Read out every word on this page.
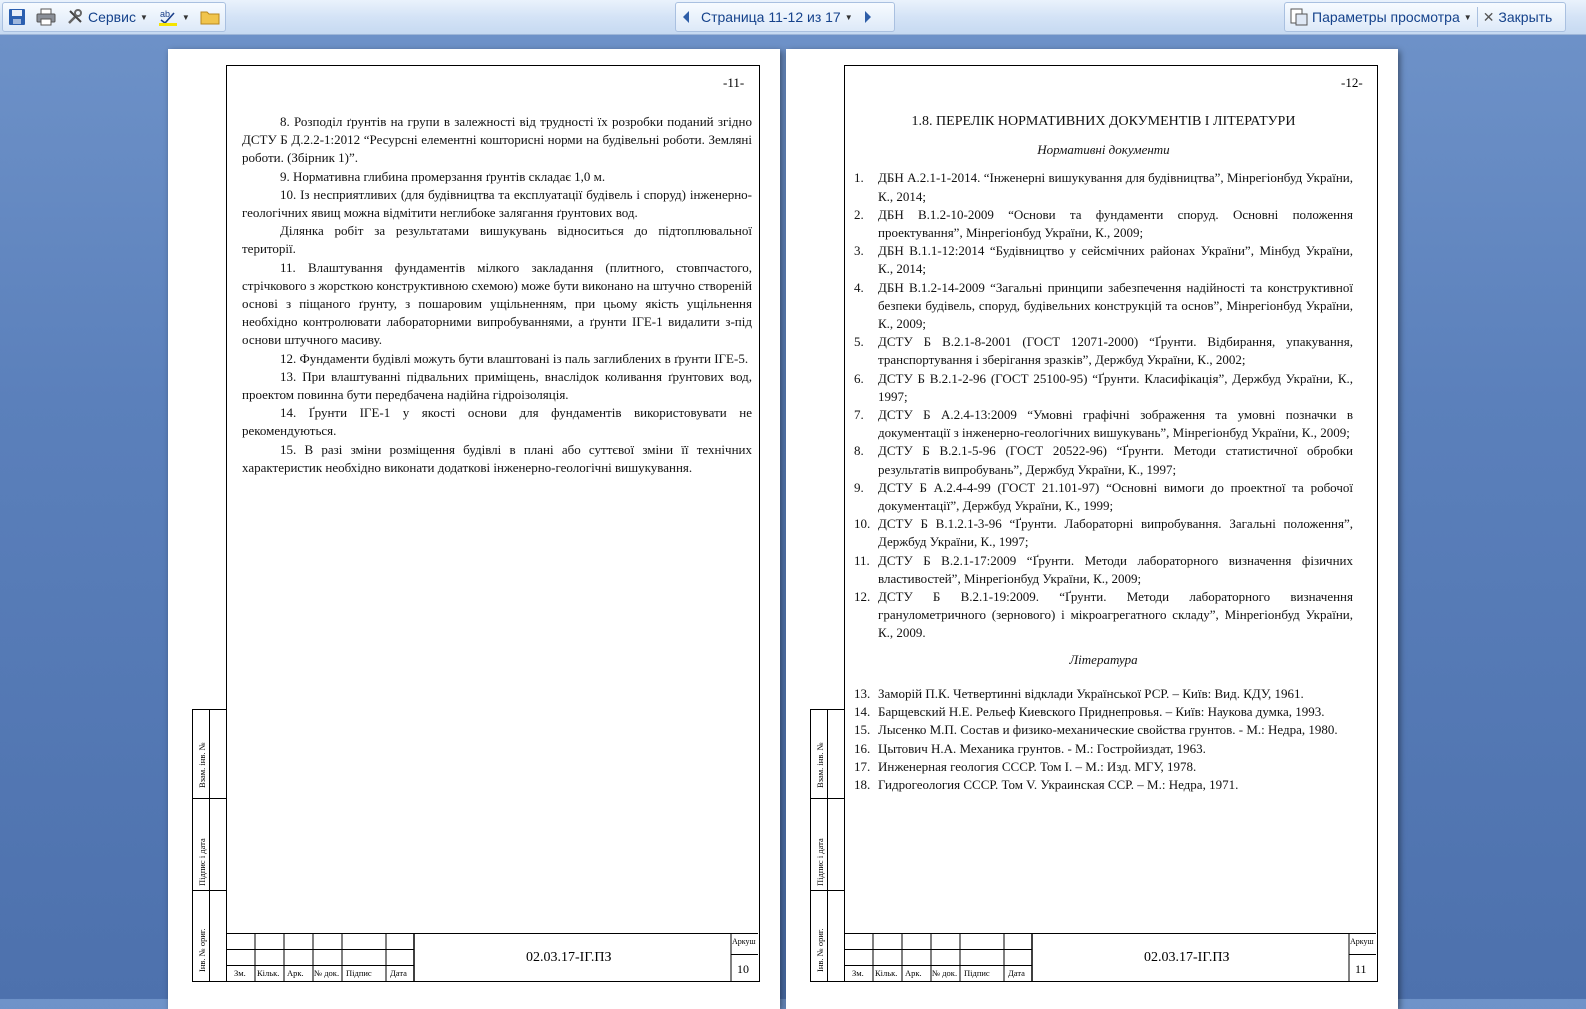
Сервис ▼ ab ▼	Страница 11-12 из 17 ▼	Параметры просмотра ▼ ✕ Закрыть
-11-

8. Розподіл ґрунтів на групи в залежності від трудності їх розробки поданий згідно ДСТУ Б Д.2.2-1:2012 “Ресурсні елементні кошторисні норми на будівельні роботи. Земляні роботи. (Збірник 1)”.

9. Нормативна глибина промерзання ґрунтів складає 1,0 м.

10. Із несприятливих (для будівництва та експлуатації будівель і споруд) інженерно-геологічних явищ можна відмітити неглибоке залягання ґрунтових вод.

Ділянка робіт за результатами вишукувань відноситься до підтоплювальної території.

11. Влаштування фундаментів мілкого закладання (плитного, стовпчастого, стрічкового з жорсткою конструктивною схемою) може бути виконано на штучно створеній основі з піщаного ґрунту, з пошаровим ущільненням, при цьому якість ущільнення необхідно контролювати лабораторними випробуваннями, а ґрунти ІГЕ-1 видалити з-під основи штучного масиву.

12. Фундаменти будівлі можуть бути влаштовані із паль заглиблених в ґрунти ІГЕ-5.

13. При влаштуванні підвальних приміщень, внаслідок коливання ґрунтових вод, проектом повинна бути передбачена надійна гідроізоляція.

14. Ґрунти ІГЕ-1 у якості основи для фундаментів використовувати не рекомендуються.

15. В разі зміни розміщення будівлі в плані або суттєвої зміни її технічних характеристик необхідно виконати додаткові інженерно-геологічні вишукування.

Взам. інв. №
Підпис і дата
Інв. № ориг.
Зм. Кільк. Арк. № док. Підпис Дата
02.03.17-ІГ.ПЗ
Аркуш
10
-12-
1.8. ПЕРЕЛІК НОРМАТИВНИХ ДОКУМЕНТІВ І ЛІТЕРАТУРИ
Нормативні документи
1. ДБН А.2.1-1-2014. “Інженерні вишукування для будівництва”, Мінрегіонбуд України, К., 2014;
2. ДБН В.1.2-10-2009 “Основи та фундаменти споруд. Основні положення проектування”, Мінрегіонбуд України, К., 2009;
3. ДБН В.1.1-12:2014 “Будівництво у сейсмічних районах України”, Мінбуд України, К., 2014;
4. ДБН В.1.2-14-2009 “Загальні принципи забезпечення надійності та конструктивної безпеки будівель, споруд, будівельних конструкцій та основ”, Мінрегіонбуд України, К., 2009;
5. ДСТУ Б В.2.1-8-2001 (ГОСТ 12071-2000) “Ґрунти. Відбирання, упакування, транспортування і зберігання зразків”, Держбуд України, К., 2002;
6. ДСТУ Б В.2.1-2-96 (ГОСТ 25100-95) “Ґрунти. Класифікація”, Держбуд України, К., 1997;
7. ДСТУ Б А.2.4-13:2009 “Умовні графічні зображення та умовні позначки в документації з інженерно-геологічних вишукувань”, Мінрегіонбуд України, К., 2009;
8. ДСТУ Б В.2.1-5-96 (ГОСТ 20522-96) “Ґрунти. Методи статистичної обробки результатів випробувань”, Держбуд України, К., 1997;
9. ДСТУ Б А.2.4-4-99 (ГОСТ 21.101-97) “Основні вимоги до проектної та робочої документації”, Держбуд України, К., 1999;
10. ДСТУ Б В.1.2.1-3-96 “Ґрунти. Лабораторні випробування. Загальні положення”, Держбуд України, К., 1997;
11. ДСТУ Б В.2.1-17:2009 “Ґрунти. Методи лабораторного визначення фізичних властивостей”, Мінрегіонбуд України, К., 2009;
12. ДСТУ Б В.2.1-19:2009. “Ґрунти. Методи лабораторного визначення гранулометричного (зернового) і мікроагрегатного складу”, Мінрегіонбуд України, К., 2009.
Література
13. Заморій П.К. Четвертинні відклади Української РСР. – Київ: Вид. КДУ, 1961.
14. Барщевский Н.Е. Рельеф Киевского Приднепровья. – Київ: Наукова думка, 1993.
15. Лысенко М.П. Состав и физико-механические свойства грунтов. - М.: Недра, 1980.
16. Цытович Н.А. Механика грунтов. - М.: Гостройиздат, 1963.
17. Инженерная геология СССР. Том I. – М.: Изд. МГУ, 1978.
18. Гидрогеология СССР. Том V. Украинская ССР. – М.: Недра, 1971.
Взам. інв. №
Підпис і дата
Інв. № ориг.
Зм. Кільк. Арк. № док. Підпис Дата
02.03.17-ІГ.ПЗ
Аркуш
11
